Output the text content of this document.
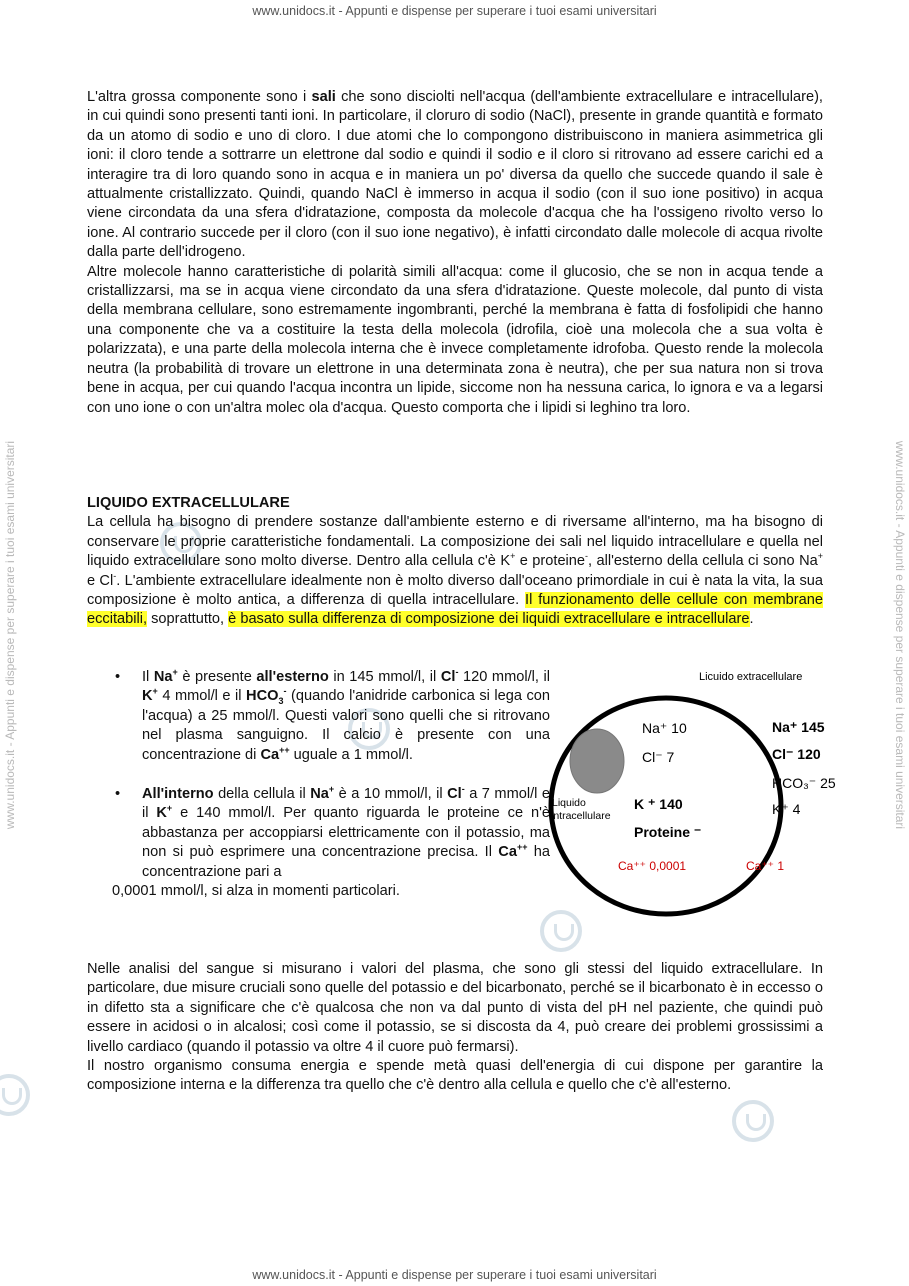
www.unidocs.it - Appunti e dispense per superare i tuoi esami universitari
www.unidocs.it - Appunti e dispense per superare i tuoi esami universitari	www.unidocs.it - Appunti e dispense per superare i tuoi esami universitari

L'altra grossa componente sono i sali che sono disciolti nell'acqua (dell'ambiente extracellulare e intracellulare), in cui quindi sono presenti tanti ioni. In particolare, il cloruro di sodio (NaCl), presente in grande quantità e formato da un atomo di sodio e uno di cloro. I due atomi che lo compongono distribuiscono in maniera asimmetrica gli ioni: il cloro tende a sottrarre un elettrone dal sodio e quindi il sodio e il cloro si ritrovano ad essere carichi ed a interagire tra di loro quando sono in acqua e in maniera un po' diversa da quello che succede quando il sale è attualmente cristallizzato. Quindi, quando NaCl è immerso in acqua il sodio (con il suo ione positivo) in acqua viene circondata da una sfera d'idratazione, composta da molecole d'acqua che ha l'ossigeno rivolto verso lo ione. Al contrario succede per il cloro (con il suo ione negativo), è infatti circondato dalle molecole di acqua rivolte dalla parte dell'idrogeno.

Altre molecole hanno caratteristiche di polarità simili all'acqua: come il glucosio, che se non in acqua tende a cristallizzarsi, ma se in acqua viene circondato da una sfera d'idratazione. Queste molecole, dal punto di vista della membrana cellulare, sono estremamente ingombranti, perché la membrana è fatta di fosfolipidi che hanno una componente che va a costituire la testa della molecola (idrofila, cioè una molecola che a sua volta è polarizzata), e una parte della molecola interna che è invece completamente idrofoba. Questo rende la molecola neutra (la probabilità di trovare un elettrone in una determinata zona è neutra), che per sua natura non si trova bene in acqua, per cui quando l'acqua incontra un lipide, siccome non ha nessuna carica, lo ignora e va a legarsi con uno ione o con un'altra molec ola d'acqua. Questo comporta che i lipidi si leghino tra loro.

LIQUIDO EXTRACELLULARE

La cellula ha bisogno di prendere sostanze dall'ambiente esterno e di riversame all'interno, ma ha bisogno di conservare le proprie caratteristiche fondamentali. La composizione dei sali nel liquido intracellulare e quella nel liquido extracellulare sono molto diverse. Dentro alla cellula c'è K+ e proteine-, all'esterno della cellula ci sono Na+ e Cl-. L'ambiente extracellulare idealmente non è molto diverso dall'oceano primordiale in cui è nata la vita, la sua composizione è molto antica, a differenza di quella intracellulare. Il funzionamento delle cellule con membrane eccitabili, soprattutto, è basato sulla differenza di composizione dei liquidi extracellulare e intracellulare.

• Il Na+ è presente all'esterno in 145 mmol/l, il Cl- 120 mmol/l, il K+ 4 mmol/l e il $HCO_3^-$ (quando l'anidride carbonica si lega con l'acqua) a 25 mmol/l. Questi valori sono quelli che si ritrovano nel plasma sanguigno. Il calcio è presente con una concentrazione di Ca++ uguale a 1 mmol/l.
• All'interno della cellula il Na+ è a 10 mmol/l, il Cl- a 7 mmol/l e il K+ e 140 mmol/l. Per quanto riguarda le proteine ce n'è abbastanza per accoppiarsi elettricamente con il potassio, ma non si può esprimere una concentrazione precisa. Il Ca++ ha concentrazione pari a
0,0001 mmol/l, si alza in momenti particolari.
Licuido extracellulare
Liquido
intracellulare
Na⁺ 10
Cl⁻ 7
K ⁺ 140
Proteine ⁻
Ca⁺⁺ 0,0001
Na⁺ 145
Cl⁻ 120
HCO₃⁻ 25
K⁺ 4
Ca⁺⁺ 1

Nelle analisi del sangue si misurano i valori del plasma, che sono gli stessi del liquido extracellulare. In particolare, due misure cruciali sono quelle del potassio e del bicarbonato, perché se il bicarbonato è in eccesso o in difetto sta a significare che c'è qualcosa che non va dal punto di vista del pH nel paziente, che quindi può essere in acidosi o in alcalosi; così come il potassio, se si discosta da 4, può creare dei problemi grossissimi a livello cardiaco (quando il potassio va oltre 4 il cuore può fermarsi).

Il nostro organismo consuma energia e spende metà quasi dell'energia di cui dispone per garantire la composizione interna e la differenza tra quello che c'è dentro alla cellula e quello che c'è all'esterno.

www.unidocs.it - Appunti e dispense per superare i tuoi esami universitari
